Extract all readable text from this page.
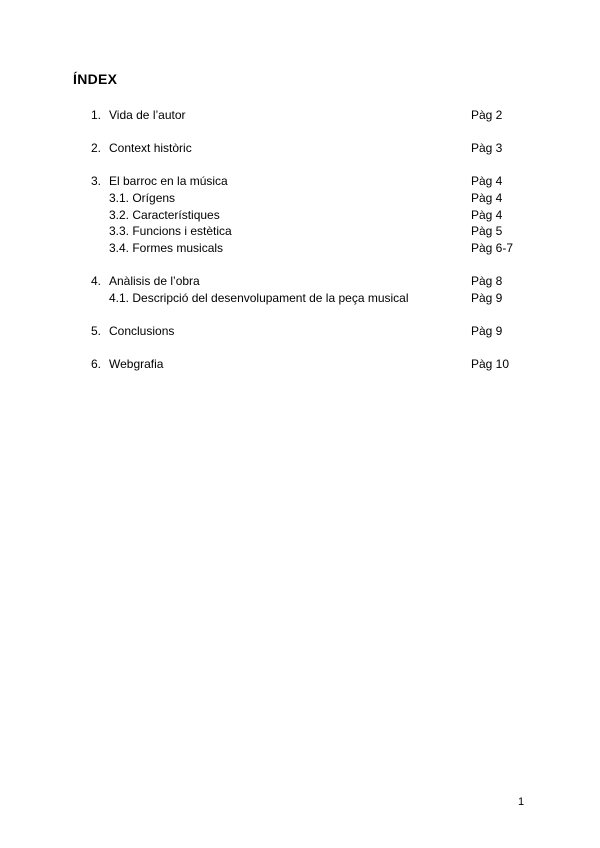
ÍNDEX
1. Vida de l’autor	Pàg 2
2. Context històric	Pàg 3
3. El barroc en la música	Pàg 4
3.1. Orígens	Pàg 4
3.2. Característiques	Pàg 4
3.3. Funcions i estètica	Pàg 5
3.4. Formes musicals	Pàg 6-7
4. Anàlisis de l’obra	Pàg 8
4.1. Descripció del desenvolupament de la peça musical	Pàg 9
5. Conclusions	Pàg 9
6. Webgrafia	Pàg 10
1
